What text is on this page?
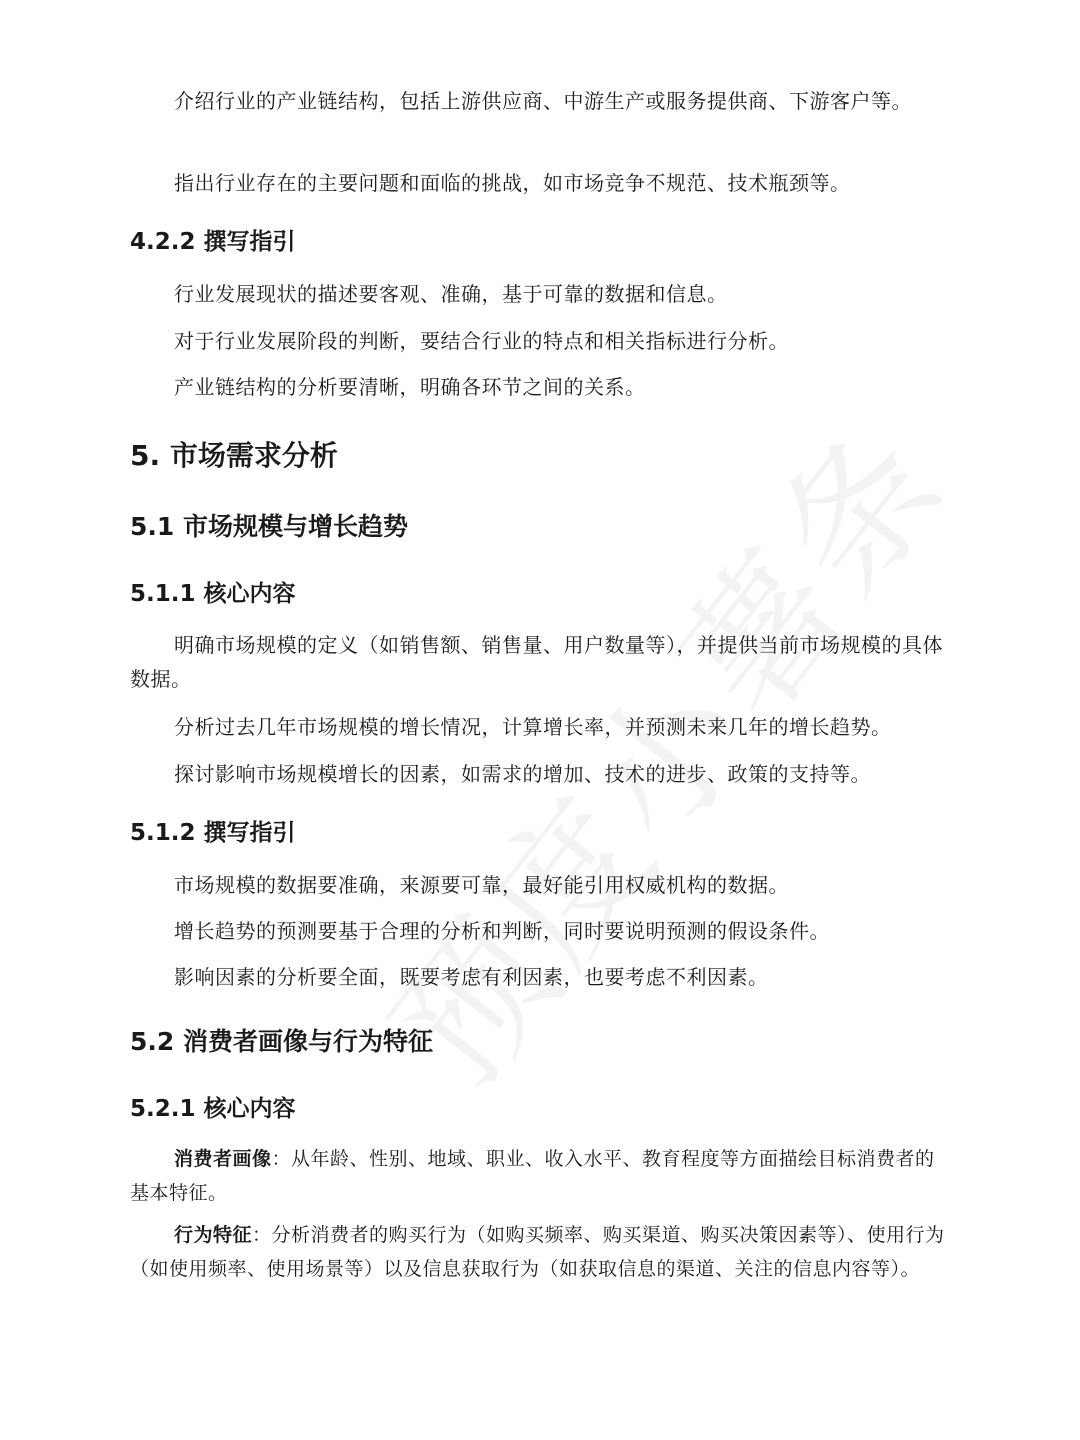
介绍行业的产业链结构，包括上游供应商、中游生产或服务提供商、下游客户等。

指出行业存在的主要问题和面临的挑战，如市场竞争不规范、技术瓶颈等。

4.2.2 撰写指引

行业发展现状的描述要客观、准确，基于可靠的数据和信息。

对于行业发展阶段的判断，要结合行业的特点和相关指标进行分析。

产业链结构的分析要清晰，明确各环节之间的关系。

5. 市场需求分析
5.1 市场规模与增长趋势
5.1.1 核心内容

明确市场规模的定义（如销售额、销售量、用户数量等），并提供当前市场规模的具体数据。

分析过去几年市场规模的增长情况，计算增长率，并预测未来几年的增长趋势。

探讨影响市场规模增长的因素，如需求的增加、技术的进步、政策的支持等。

5.1.2 撰写指引

市场规模的数据要准确，来源要可靠，最好能引用权威机构的数据。

增长趋势的预测要基于合理的分析和判断，同时要说明预测的假设条件。

影响因素的分析要全面，既要考虑有利因素，也要考虑不利因素。

5.2 消费者画像与行为特征
5.2.1 核心内容

消费者画像：从年龄、性别、地域、职业、收入水平、教育程度等方面描绘目标消费者的基本特征。

行为特征：分析消费者的购买行为（如购买频率、购买渠道、购买决策因素等）、使用行为（如使用频率、使用场景等）以及信息获取行为（如获取信息的渠道、关注的信息内容等）。
